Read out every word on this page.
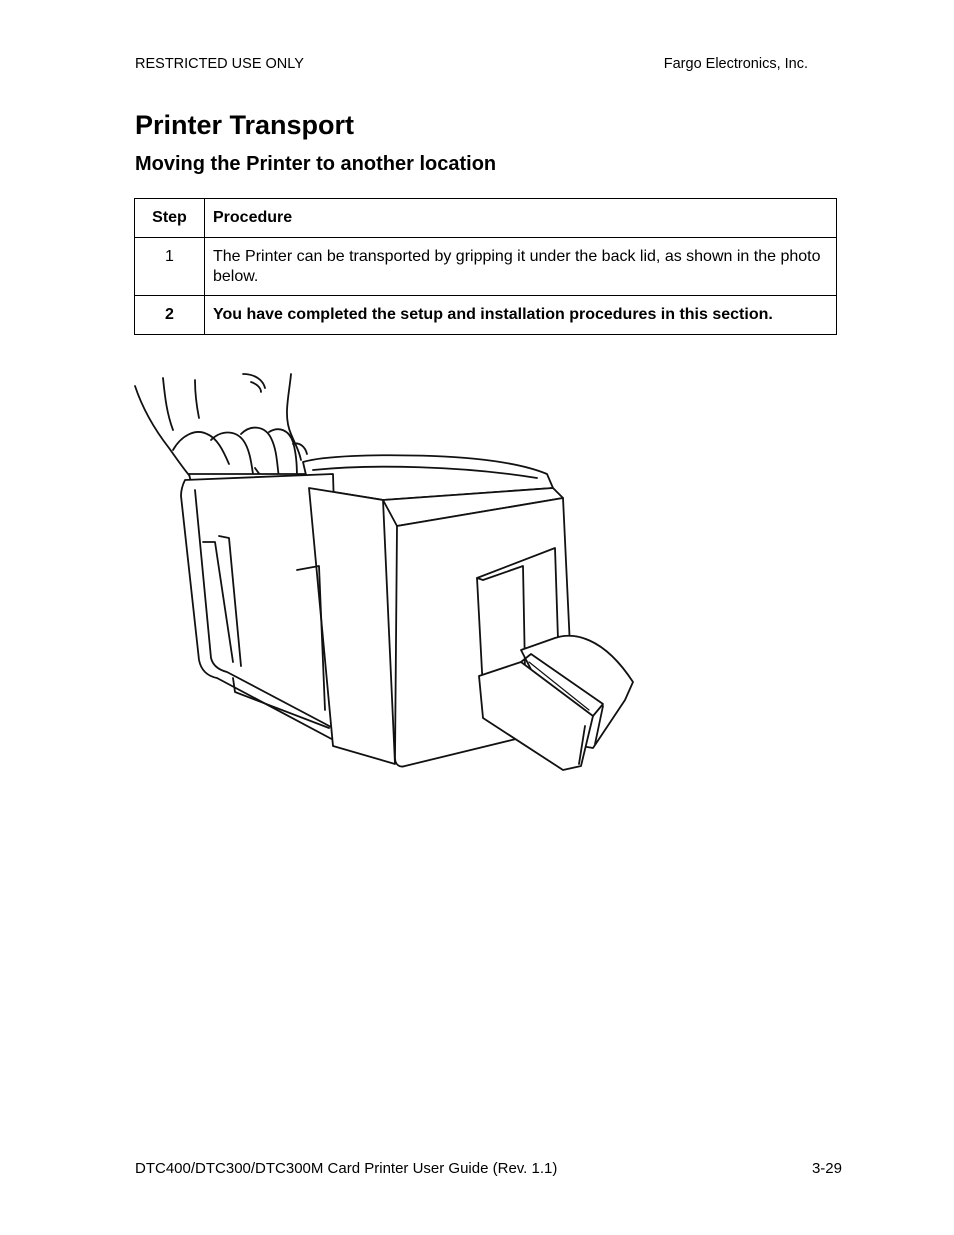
RESTRICTED USE ONLY	Fargo Electronics, Inc.
Printer Transport
Moving the Printer to another location
Step	Procedure
1	The Printer can be transported by gripping it under the back lid, as shown in the photo below.
2	You have completed the setup and installation procedures in this section.
DTC400/DTC300/DTC300M Card Printer User Guide (Rev. 1.1)	3-29
